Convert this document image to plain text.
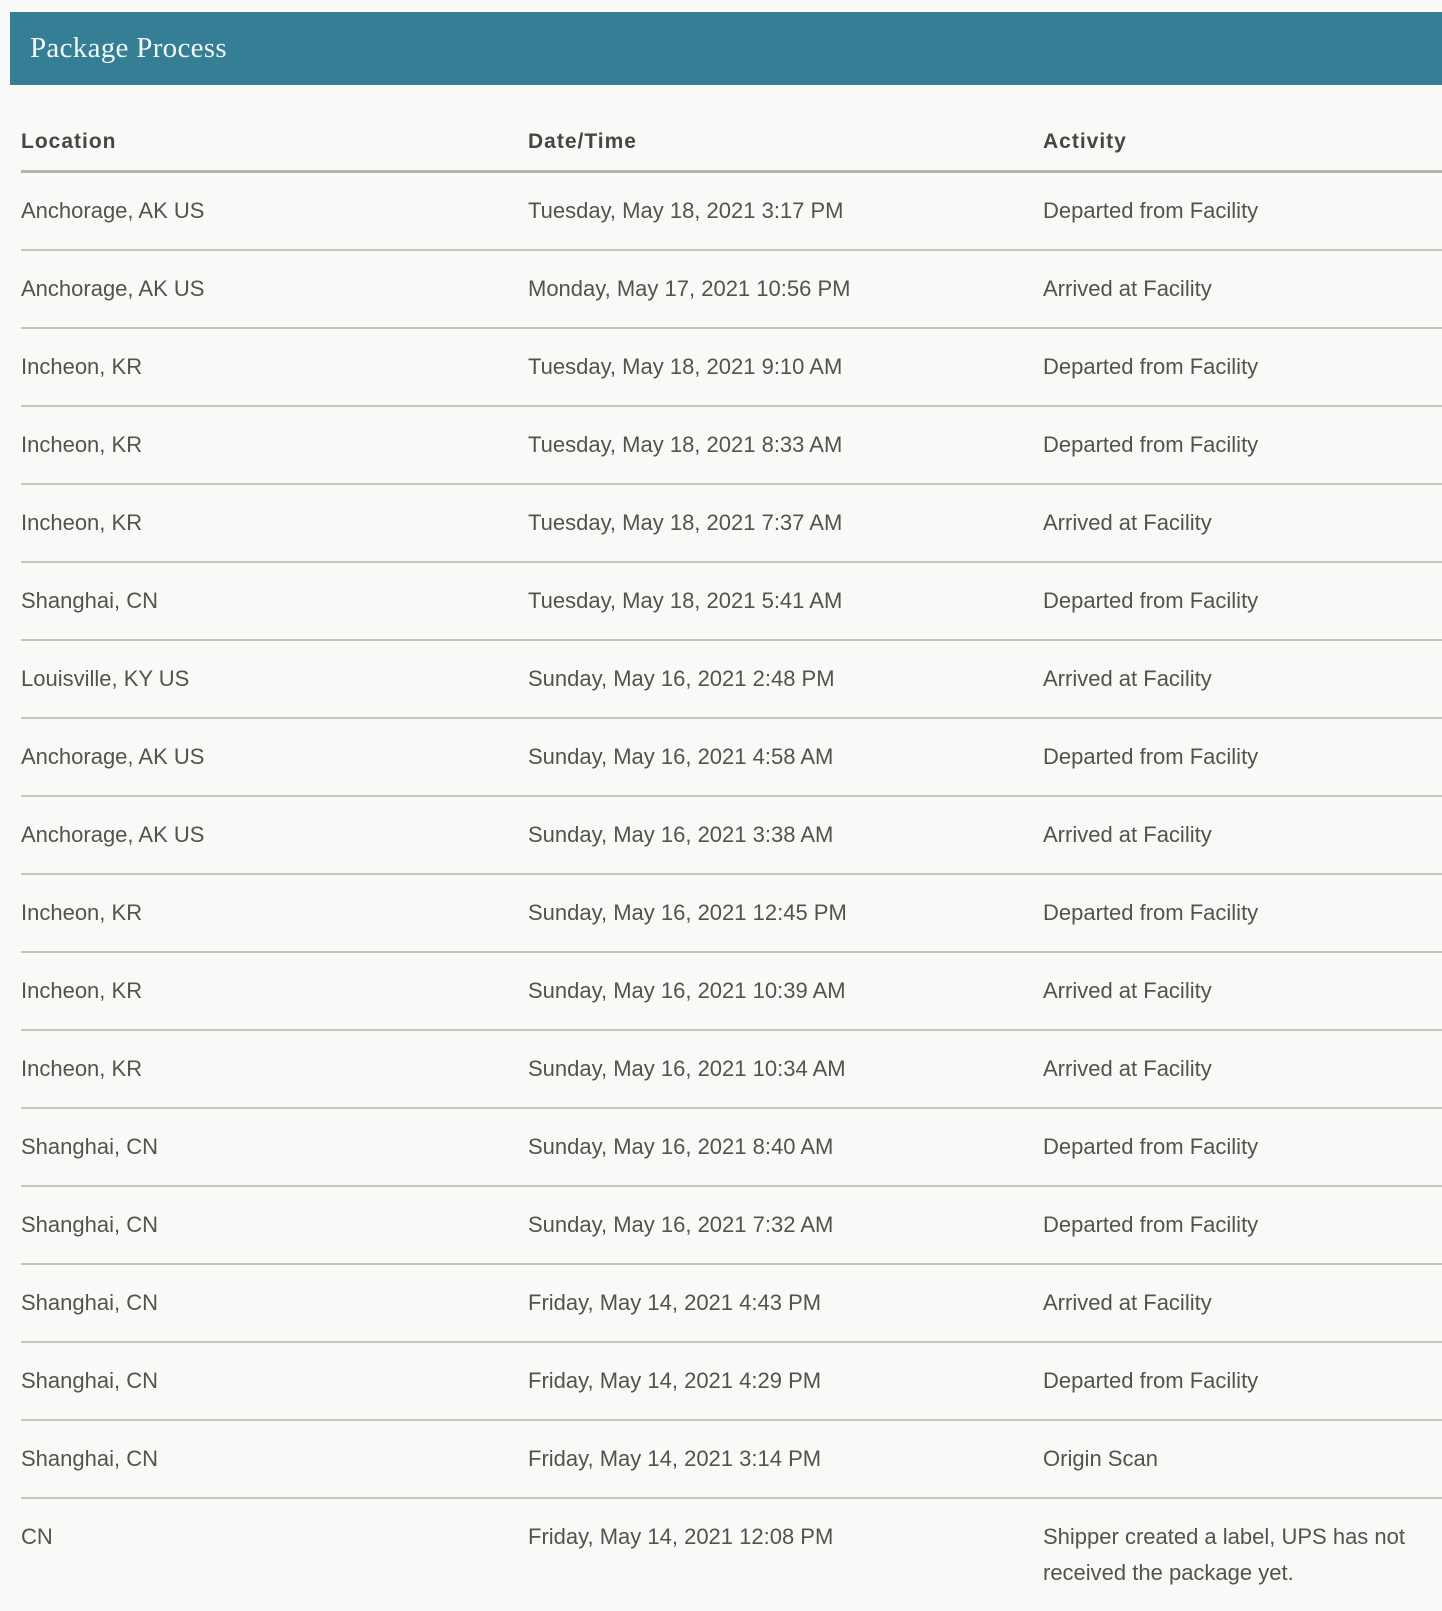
Package Process
Location	Date/Time	Activity
Anchorage, AK US	Tuesday, May 18, 2021 3:17 PM	Departed from Facility
Anchorage, AK US	Monday, May 17, 2021 10:56 PM	Arrived at Facility
Incheon, KR	Tuesday, May 18, 2021 9:10 AM	Departed from Facility
Incheon, KR	Tuesday, May 18, 2021 8:33 AM	Departed from Facility
Incheon, KR	Tuesday, May 18, 2021 7:37 AM	Arrived at Facility
Shanghai, CN	Tuesday, May 18, 2021 5:41 AM	Departed from Facility
Louisville, KY US	Sunday, May 16, 2021 2:48 PM	Arrived at Facility
Anchorage, AK US	Sunday, May 16, 2021 4:58 AM	Departed from Facility
Anchorage, AK US	Sunday, May 16, 2021 3:38 AM	Arrived at Facility
Incheon, KR	Sunday, May 16, 2021 12:45 PM	Departed from Facility
Incheon, KR	Sunday, May 16, 2021 10:39 AM	Arrived at Facility
Incheon, KR	Sunday, May 16, 2021 10:34 AM	Arrived at Facility
Shanghai, CN	Sunday, May 16, 2021 8:40 AM	Departed from Facility
Shanghai, CN	Sunday, May 16, 2021 7:32 AM	Departed from Facility
Shanghai, CN	Friday, May 14, 2021 4:43 PM	Arrived at Facility
Shanghai, CN	Friday, May 14, 2021 4:29 PM	Departed from Facility
Shanghai, CN	Friday, May 14, 2021 3:14 PM	Origin Scan
CN	Friday, May 14, 2021 12:08 PM	Shipper created a label, UPS has not received the package yet.
